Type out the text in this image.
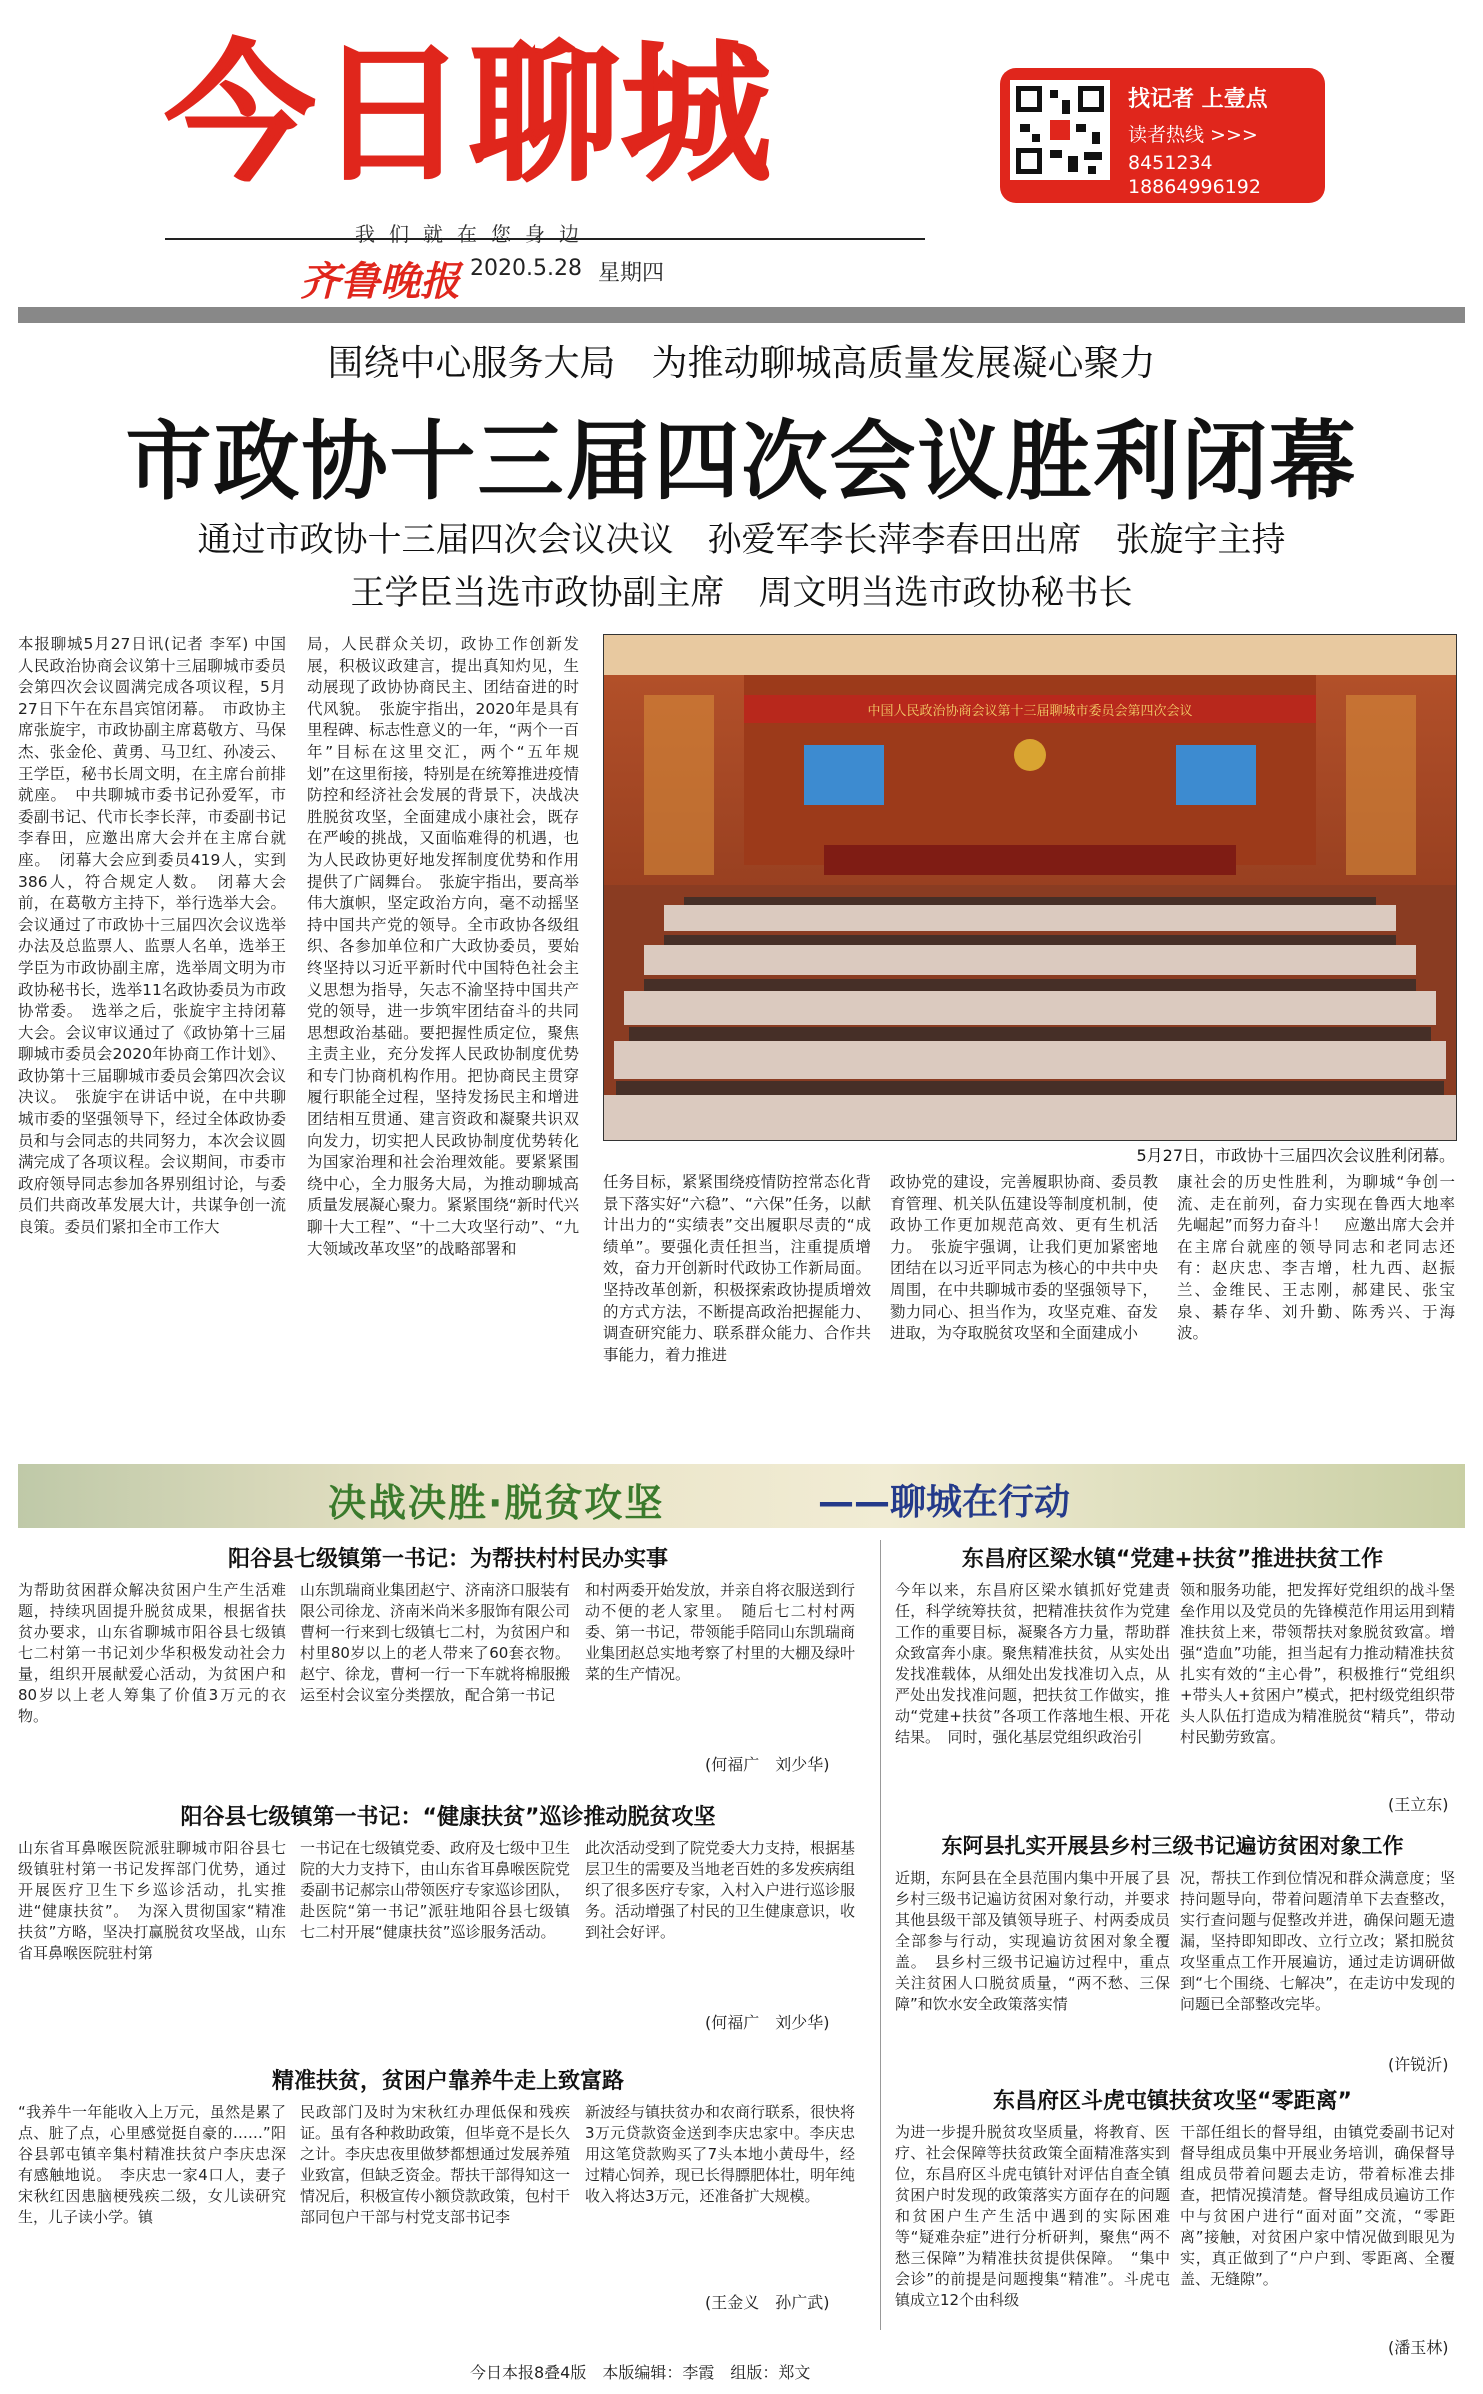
今日聊城
我们就在您身边
齐鲁晚报 2020.5.28 星期四
找记者 上壹点
读者热线 >>>
8451234
18864996192
围绕中心服务大局　为推动聊城高质量发展凝心聚力
市政协十三届四次会议胜利闭幕
通过市政协十三届四次会议决议　孙爱军李长萍李春田出席　张旋宇主持
王学臣当选市政协副主席　周文明当选市政协秘书长
本报聊城5月27日讯(记者 李军) 中国人民政治协商会议第十三届聊城市委员会第四次会议圆满完成各项议程，5月27日下午在东昌宾馆闭幕。　市政协主席张旋宇，市政协副主席葛敬方、马保杰、张金伦、黄勇、马卫红、孙凌云、王学臣，秘书长周文明，在主席台前排就座。　中共聊城市委书记孙爱军，市委副书记、代市长李长萍，市委副书记李春田，应邀出席大会并在主席台就座。　闭幕大会应到委员419人，实到386人，符合规定人数。　闭幕大会前，在葛敬方主持下，举行选举大会。会议通过了市政协十三届四次会议选举办法及总监票人、监票人名单，选举王学臣为市政协副主席，选举周文明为市政协秘书长，选举11名政协委员为市政协常委。　选举之后，张旋宇主持闭幕大会。会议审议通过了《政协第十三届聊城市委员会2020年协商工作计划》、政协第十三届聊城市委员会第四次会议决议。　张旋宇在讲话中说，在中共聊城市委的坚强领导下，经过全体政协委员和与会同志的共同努力，本次会议圆满完成了各项议程。会议期间，市委市政府领导同志参加各界别组讨论，与委员们共商改革发展大计，共谋争创一流良策。委员们紧扣全市工作大
局，人民群众关切，政协工作创新发展，积极议政建言，提出真知灼见，生动展现了政协协商民主、团结奋进的时代风貌。　张旋宇指出，2020年是具有里程碑、标志性意义的一年，“两个一百年”目标在这里交汇，两个“五年规划”在这里衔接，特别是在统筹推进疫情防控和经济社会发展的背景下，决战决胜脱贫攻坚，全面建成小康社会，既存在严峻的挑战，又面临难得的机遇，也为人民政协更好地发挥制度优势和作用提供了广阔舞台。　张旋宇指出，要高举伟大旗帜，坚定政治方向，毫不动摇坚持中国共产党的领导。全市政协各级组织、各参加单位和广大政协委员，要始终坚持以习近平新时代中国特色社会主义思想为指导，矢志不渝坚持中国共产党的领导，进一步筑牢团结奋斗的共同思想政治基础。要把握性质定位，聚焦主责主业，充分发挥人民政协制度优势和专门协商机构作用。把协商民主贯穿履行职能全过程，坚持发扬民主和增进团结相互贯通、建言资政和凝聚共识双向发力，切实把人民政协制度优势转化为国家治理和社会治理效能。要紧紧围绕中心，全力服务大局，为推动聊城高质量发展凝心聚力。紧紧围绕“新时代兴聊十大工程”、“十二大攻坚行动”、“九大领域改革攻坚”的战略部署和
中国人民政治协商会议第十三届聊城市委员会第四次会议
5月27日，市政协十三届四次会议胜利闭幕。
任务目标，紧紧围绕疫情防控常态化背景下落实好“六稳”、“六保”任务，以献计出力的“实绩表”交出履职尽责的“成绩单”。要强化责任担当，注重提质增效，奋力开创新时代政协工作新局面。坚持改革创新，积极探索政协提质增效的方式方法，不断提高政治把握能力、调查研究能力、联系群众能力、合作共事能力，着力推进
政协党的建设，完善履职协商、委员教育管理、机关队伍建设等制度机制，使政协工作更加规范高效、更有生机活力。　张旋宇强调，让我们更加紧密地团结在以习近平同志为核心的中共中央周围，在中共聊城市委的坚强领导下，勠力同心、担当作为，攻坚克难、奋发进取，为夺取脱贫攻坚和全面建成小
康社会的历史性胜利，为聊城“争创一流、走在前列，奋力实现在鲁西大地率先崛起”而努力奋斗！　应邀出席大会并在主席台就座的领导同志和老同志还有：赵庆忠、李吉增，杜九西、赵振兰、金维民、王志刚，郝建民、张宝泉、綦存华、刘升勤、陈秀兴、于海波。
决战决胜·脱贫攻坚	——聊城在行动
阳谷县七级镇第一书记：为帮扶村村民办实事
为帮助贫困群众解决贫困户生产生活难题，持续巩固提升脱贫成果，根据省扶贫办要求，山东省聊城市阳谷县七级镇七二村第一书记刘少华积极发动社会力量，组织开展献爱心活动，为贫困户和80岁以上老人筹集了价值3万元的衣物。
山东凯瑞商业集团赵宁、济南济口服装有限公司徐龙、济南米尚米多服饰有限公司曹柯一行来到七级镇七二村，为贫困户和村里80岁以上的老人带来了60套衣物。赵宁、徐龙，曹柯一行一下车就将棉服搬运至村会议室分类摆放，配合第一书记
和村两委开始发放，并亲自将衣服送到行动不便的老人家里。　随后七二村村两委、第一书记，带领能手陪同山东凯瑞商业集团赵总实地考察了村里的大棚及绿叶菜的生产情况。
(何福广　刘少华)
阳谷县七级镇第一书记：“健康扶贫”巡诊推动脱贫攻坚
山东省耳鼻喉医院派驻聊城市阳谷县七级镇驻村第一书记发挥部门优势，通过开展医疗卫生下乡巡诊活动，扎实推进“健康扶贫”。　为深入贯彻国家“精准扶贫”方略，坚决打赢脱贫攻坚战，山东省耳鼻喉医院驻村第
一书记在七级镇党委、政府及七级中卫生院的大力支持下，由山东省耳鼻喉医院党委副书记郝宗山带领医疗专家巡诊团队，赴医院“第一书记”派驻地阳谷县七级镇七二村开展“健康扶贫”巡诊服务活动。
此次活动受到了院党委大力支持，根据基层卫生的需要及当地老百姓的多发疾病组织了很多医疗专家，入村入户进行巡诊服务。活动增强了村民的卫生健康意识，收到社会好评。
(何福广　刘少华)
精准扶贫，贫困户靠养牛走上致富路
“我养牛一年能收入上万元，虽然是累了点、脏了点，心里感觉挺自豪的……”阳谷县郭屯镇辛集村精准扶贫户李庆忠深有感触地说。　李庆忠一家4口人，妻子宋秋红因患脑梗残疾二级，女儿读研究生，儿子读小学。镇
民政部门及时为宋秋红办理低保和残疾证。虽有各种救助政策，但毕竟不是长久之计。李庆忠夜里做梦都想通过发展养殖业致富，但缺乏资金。帮扶干部得知这一情况后，积极宣传小额贷款政策，包村干部同包户干部与村党支部书记李
新波经与镇扶贫办和农商行联系，很快将3万元贷款资金送到李庆忠家中。李庆忠用这笔贷款购买了7头本地小黄母牛，经过精心饲养，现已长得膘肥体壮，明年纯收入将达3万元，还准备扩大规模。
(王金义　孙广武)
东昌府区梁水镇“党建+扶贫”推进扶贫工作
今年以来，东昌府区梁水镇抓好党建责任，科学统筹扶贫，把精准扶贫作为党建工作的重要目标，凝聚各方力量，帮助群众致富奔小康。聚焦精准扶贫，从实处出发找准载体，从细处出发找准切入点，从严处出发找准问题，把扶贫工作做实，推动“党建+扶贫”各项工作落地生根、开花结果。　同时，强化基层党组织政治引
领和服务功能，把发挥好党组织的战斗堡垒作用以及党员的先锋模范作用运用到精准扶贫上来，带领帮扶对象脱贫致富。增强“造血”功能，担当起有力推动精准扶贫扎实有效的“主心骨”，积极推行“党组织+带头人+贫困户”模式，把村级党组织带头人队伍打造成为精准脱贫“精兵”，带动村民勤劳致富。
(王立东)
东阿县扎实开展县乡村三级书记遍访贫困对象工作
近期，东阿县在全县范围内集中开展了县乡村三级书记遍访贫困对象行动，并要求其他县级干部及镇领导班子、村两委成员全部参与行动，实现遍访贫困对象全覆盖。　县乡村三级书记遍访过程中，重点关注贫困人口脱贫质量，“两不愁、三保障”和饮水安全政策落实情
况，帮扶工作到位情况和群众满意度；坚持问题导向，带着问题清单下去查整改，实行查问题与促整改并进，确保问题无遗漏，坚持即知即改、立行立改；紧扣脱贫攻坚重点工作开展遍访，通过走访调研做到“七个围绕、七解决”，在走访中发现的问题已全部整改完毕。
(许锐沂)
东昌府区斗虎屯镇扶贫攻坚“零距离”
为进一步提升脱贫攻坚质量，将教育、医疗、社会保障等扶贫政策全面精准落实到位，东昌府区斗虎屯镇针对评估自查全镇贫困户时发现的政策落实方面存在的问题和贫困户生产生活中遇到的实际困难等“疑难杂症”进行分析研判，聚焦“两不愁三保障”为精准扶贫提供保障。　“集中会诊”的前提是问题搜集“精准”。斗虎屯镇成立12个由科级
干部任组长的督导组，由镇党委副书记对督导组成员集中开展业务培训，确保督导组成员带着问题去走访，带着标准去排查，把情况摸清楚。督导组成员遍访工作中与贫困户进行“面对面”交流，“零距离”接触，对贫困户家中情况做到眼见为实，真正做到了“户户到、零距离、全覆盖、无缝隙”。
(潘玉林)
今日本报8叠4版　本版编辑：李霞　组版：郑文
